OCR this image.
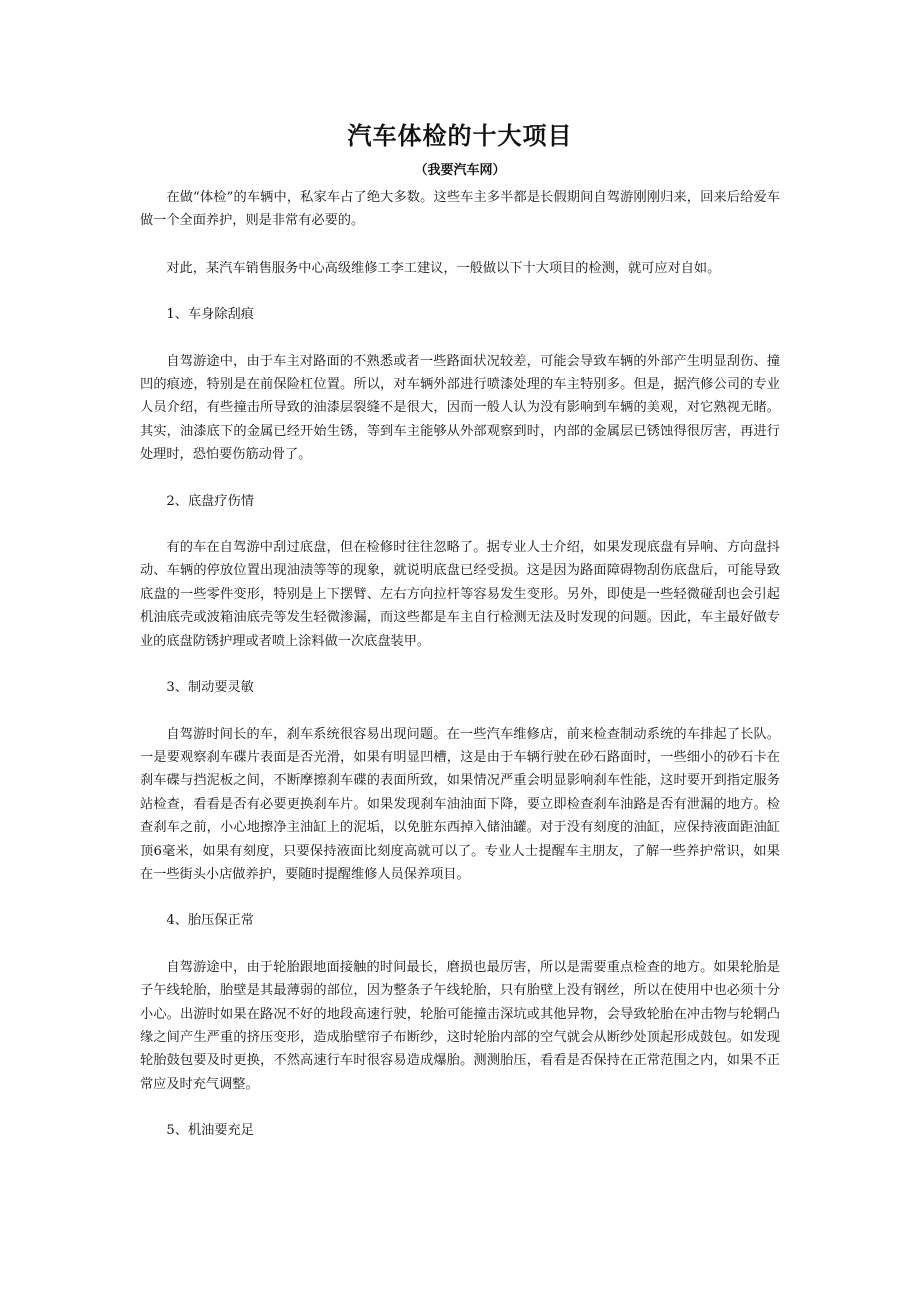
汽车体检的十大项目
（我要汽车网）

在做“体检”的车辆中，私家车占了绝大多数。这些车主多半都是长假期间自驾游刚刚归来，回来后给爱车做一个全面养护，则是非常有必要的。

对此，某汽车销售服务中心高级维修工李工建议，一般做以下十大项目的检测，就可应对自如。

1、车身除刮痕

自驾游途中，由于车主对路面的不熟悉或者一些路面状况较差，可能会导致车辆的外部产生明显刮伤、撞凹的痕迹，特别是在前保险杠位置。所以，对车辆外部进行喷漆处理的车主特别多。但是，据汽修公司的专业人员介绍，有些撞击所导致的油漆层裂缝不是很大，因而一般人认为没有影响到车辆的美观，对它熟视无睹。其实，油漆底下的金属已经开始生锈，等到车主能够从外部观察到时，内部的金属层已锈蚀得很厉害，再进行处理时，恐怕要伤筋动骨了。

2、底盘疗伤情

有的车在自驾游中刮过底盘，但在检修时往往忽略了。据专业人士介绍，如果发现底盘有异响、方向盘抖动、车辆的停放位置出现油渍等等的现象，就说明底盘已经受损。这是因为路面障碍物刮伤底盘后，可能导致底盘的一些零件变形，特别是上下摆臂、左右方向拉杆等容易发生变形。另外，即使是一些轻微碰刮也会引起机油底壳或波箱油底壳等发生轻微渗漏，而这些都是车主自行检测无法及时发现的问题。因此，车主最好做专业的底盘防锈护理或者喷上涂料做一次底盘装甲。

3、制动要灵敏

自驾游时间长的车，刹车系统很容易出现问题。在一些汽车维修店，前来检查制动系统的车排起了长队。一是要观察刹车碟片表面是否光滑，如果有明显凹槽，这是由于车辆行驶在砂石路面时，一些细小的砂石卡在刹车碟与挡泥板之间，不断摩擦刹车碟的表面所致，如果情况严重会明显影响刹车性能，这时要开到指定服务站检查，看看是否有必要更换刹车片。如果发现刹车油油面下降，要立即检查刹车油路是否有泄漏的地方。检查刹车之前，小心地擦净主油缸上的泥垢，以免脏东西掉入储油罐。对于没有刻度的油缸，应保持液面距油缸顶6毫米，如果有刻度，只要保持液面比刻度高就可以了。专业人士提醒车主朋友，了解一些养护常识，如果在一些街头小店做养护，要随时提醒维修人员保养项目。

4、胎压保正常

自驾游途中，由于轮胎跟地面接触的时间最长，磨损也最厉害，所以是需要重点检查的地方。如果轮胎是子午线轮胎，胎壁是其最薄弱的部位，因为整条子午线轮胎，只有胎壁上没有钢丝，所以在使用中也必须十分小心。出游时如果在路况不好的地段高速行驶，轮胎可能撞击深坑或其他异物，会导致轮胎在冲击物与轮辋凸缘之间产生严重的挤压变形，造成胎壁帘子布断纱，这时轮胎内部的空气就会从断纱处顶起形成鼓包。如发现轮胎鼓包要及时更换，不然高速行车时很容易造成爆胎。测测胎压，看看是否保持在正常范围之内，如果不正常应及时充气调整。

5、机油要充足
